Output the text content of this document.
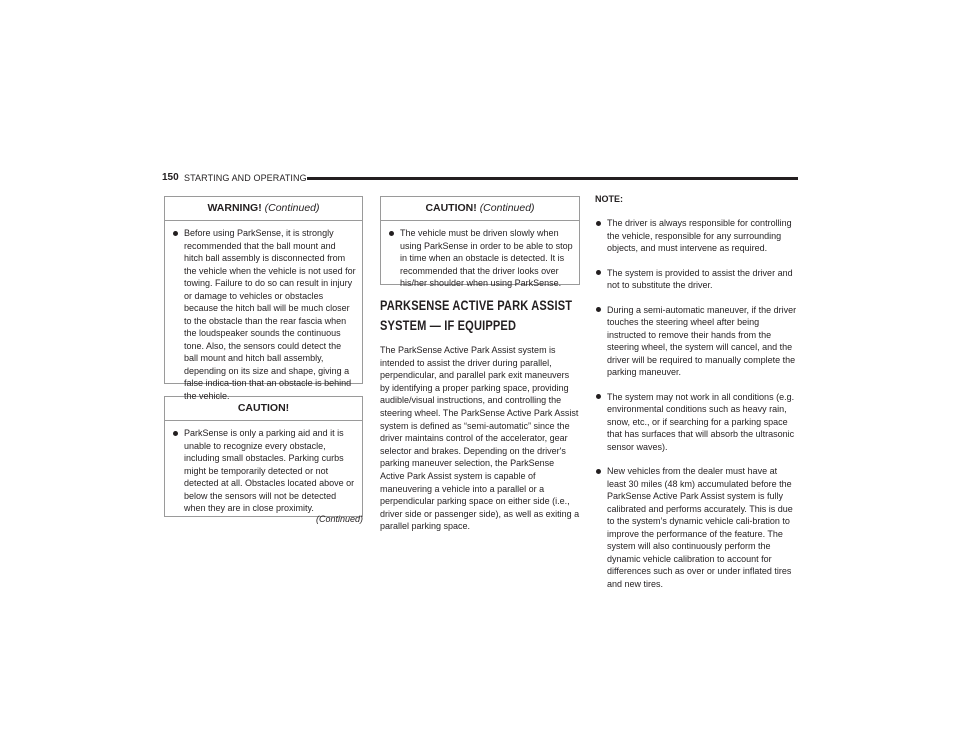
150 STARTING AND OPERATING
WARNING! (Continued)
Before using ParkSense, it is strongly recommended that the ball mount and hitch ball assembly is disconnected from the vehicle when the vehicle is not used for towing. Failure to do so can result in injury or damage to vehicles or obstacles because the hitch ball will be much closer to the obstacle than the rear fascia when the loudspeaker sounds the continuous tone. Also, the sensors could detect the ball mount and hitch ball assembly, depending on its size and shape, giving a false indica-tion that an obstacle is behind the vehicle.
CAUTION!
ParkSense is only a parking aid and it is unable to recognize every obstacle, including small obstacles. Parking curbs might be temporarily detected or not detected at all. Obstacles located above or below the sensors will not be detected when they are in close proximity.
(Continued)
CAUTION! (Continued)
The vehicle must be driven slowly when using ParkSense in order to be able to stop in time when an obstacle is detected. It is recommended that the driver looks over his/her shoulder when using ParkSense.
PARKSENSE ACTIVE PARK ASSIST
SYSTEM — IF EQUIPPED
The ParkSense Active Park Assist system is intended to assist the driver during parallel, perpendicular, and parallel park exit maneuvers by identifying a proper parking space, providing audible/visual instructions, and controlling the steering wheel. The ParkSense Active Park Assist system is defined as “semi-automatic” since the driver maintains control of the accelerator, gear selector and brakes. Depending on the driver's parking maneuver selection, the ParkSense Active Park Assist system is capable of maneuvering a vehicle into a parallel or a perpendicular parking space on either side (i.e., driver side or passenger side), as well as exiting a parallel parking space.
NOTE:
The driver is always responsible for controlling the vehicle, responsible for any surrounding objects, and must intervene as required.
The system is provided to assist the driver and not to substitute the driver.
During a semi-automatic maneuver, if the driver touches the steering wheel after being instructed to remove their hands from the steering wheel, the system will cancel, and the driver will be required to manually complete the parking maneuver.
The system may not work in all conditions (e.g. environmental conditions such as heavy rain, snow, etc., or if searching for a parking space that has surfaces that will absorb the ultrasonic sensor waves).
New vehicles from the dealer must have at least 30 miles (48 km) accumulated before the ParkSense Active Park Assist system is fully calibrated and performs accurately. This is due to the system’s dynamic vehicle cali-bration to improve the performance of the feature. The system will also continuously perform the dynamic vehicle calibration to account for differences such as over or under inflated tires and new tires.
